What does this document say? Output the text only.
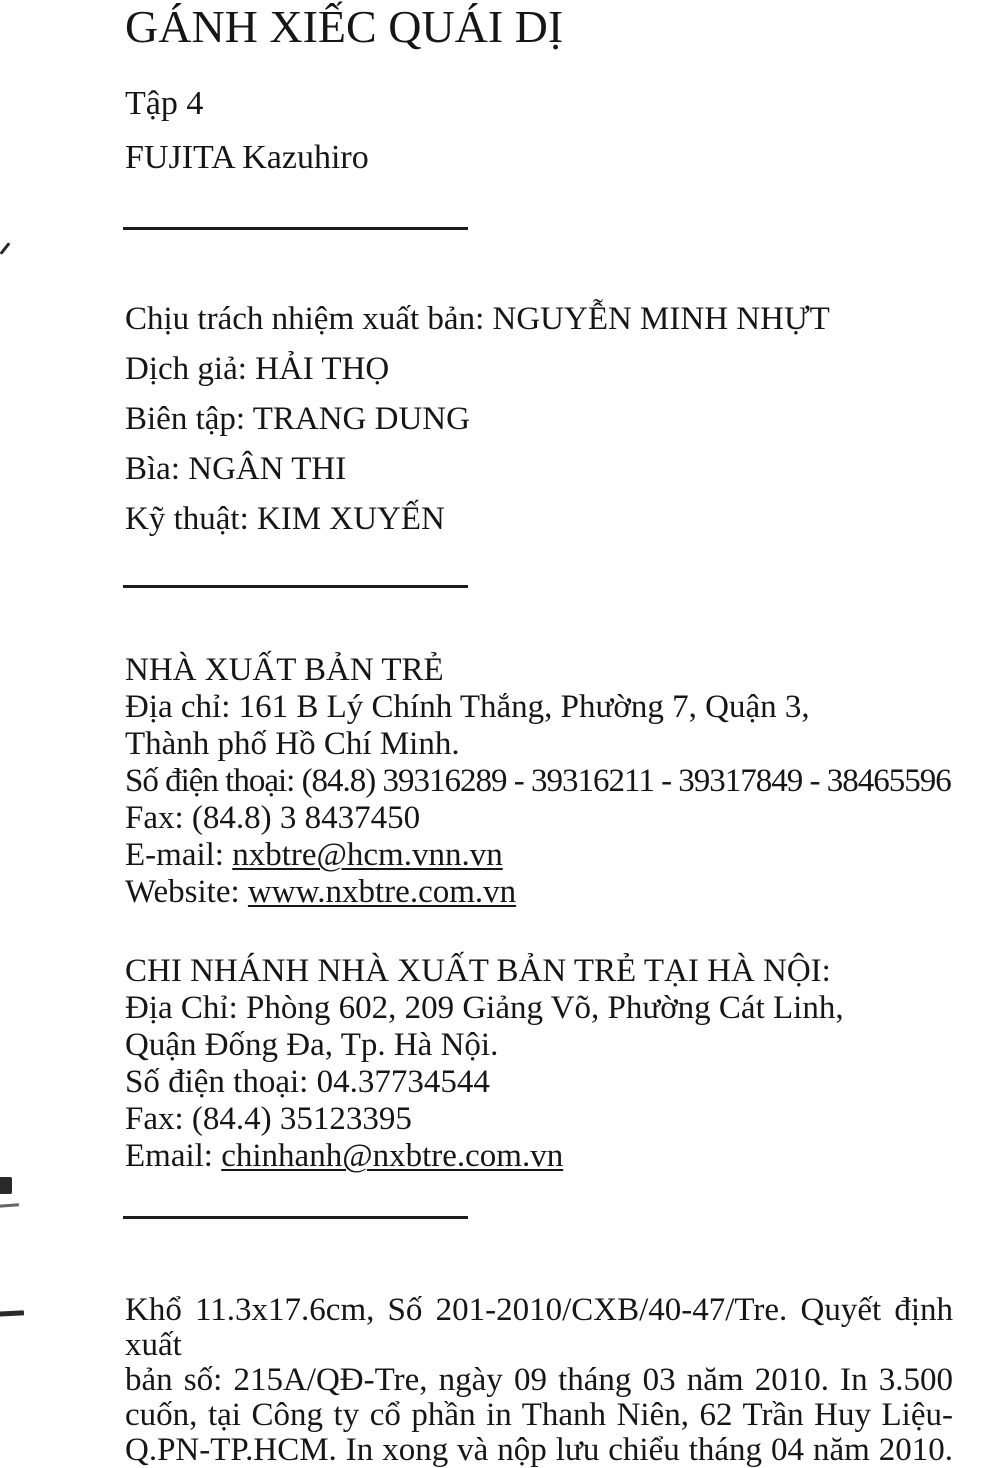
GÁNH XIẾC QUÁI DỊ
Tập 4
FUJITA Kazuhiro
Chịu trách nhiệm xuất bản: NGUYỄN MINH NHỰT
Dịch giả: HẢI THỌ
Biên tập: TRANG DUNG
Bìa: NGÂN THI
Kỹ thuật: KIM XUYẾN
NHÀ XUẤT BẢN TRẺ
Địa chỉ: 161 B Lý Chính Thắng, Phường 7, Quận 3,
Thành phố Hồ Chí Minh.
Số điện thoại: (84.8) 39316289 - 39316211 - 39317849 - 38465596
Fax: (84.8) 3 8437450
E-mail: nxbtre@hcm.vnn.vn
Website: www.nxbtre.com.vn
CHI NHÁNH NHÀ XUẤT BẢN TRẺ TẠI HÀ NỘI:
Địa Chỉ: Phòng 602, 209 Giảng Võ, Phường Cát Linh,
Quận Đống Đa, Tp. Hà Nội.
Số điện thoại: 04.37734544
Fax: (84.4) 35123395
Email: chinhanh@nxbtre.com.vn
Khổ 11.3x17.6cm, Số 201-2010/CXB/40-47/Tre. Quyết định xuất
bản số: 215A/QĐ-Tre, ngày 09 tháng 03 năm 2010. In 3.500
cuốn, tại Công ty cổ phần in Thanh Niên, 62 Trần Huy Liệu-
Q.PN-TP.HCM. In xong và nộp lưu chiểu tháng 04 năm 2010.
